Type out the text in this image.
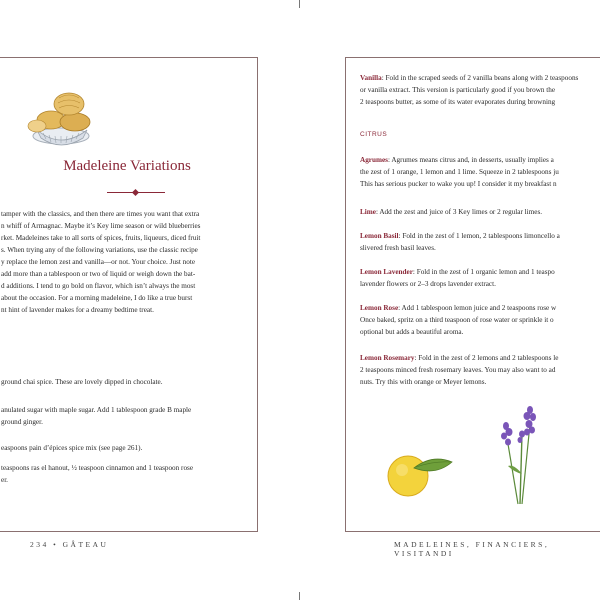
Madeleine Variations
tamper with the classics, and then there are times you want that extra
n whiff of Armagnac. Maybe it’s Key lime season or wild blueberries
rket. Madeleines take to all sorts of spices, fruits, liqueurs, diced fruit
s. When trying any of the following variations, use the classic recipe
y replace the lemon zest and vanilla—or not. Your choice. Just note
add more than a tablespoon or two of liquid or weigh down the bat-
d additions. I tend to go bold on flavor, which isn’t always the most
about the occasion. For a morning madeleine, I do like a true burst
nt hint of lavender makes for a dreamy bedtime treat.
ground chai spice. These are lovely dipped in chocolate.
anulated sugar with maple sugar. Add 1 tablespoon grade B maple
ground ginger.
easpoons pain d’épices spice mix (see page 261).
teaspoons ras el hanout, ½ teaspoon cinnamon and 1 teaspoon rose
er.
234 • GÂTEAU
Vanilla: Fold in the scraped seeds of 2 vanilla beans along with 2 teaspoons
or vanilla extract. This version is particularly good if you brown the
2 teaspoons butter, as some of its water evaporates during browning
CITRUS
Agrumes: Agrumes means citrus and, in desserts, usually implies a
the zest of 1 orange, 1 lemon and 1 lime. Squeeze in 2 tablespoons ju
This has serious pucker to wake you up! I consider it my breakfast n
Lime: Add the zest and juice of 3 Key limes or 2 regular limes.
Lemon Basil: Fold in the zest of 1 lemon, 2 tablespoons limoncello a
slivered fresh basil leaves.
Lemon Lavender: Fold in the zest of 1 organic lemon and 1 teaspo
lavender flowers or 2–3 drops lavender extract.
Lemon Rose: Add 1 tablespoon lemon juice and 2 teaspoons rose w
Once baked, spritz on a third teaspoon of rose water or sprinkle it o
optional but adds a beautiful aroma.
Lemon Rosemary: Fold in the zest of 2 lemons and 2 tablespoons le
2 teaspoons minced fresh rosemary leaves. You may also want to ad
nuts. Try this with orange or Meyer lemons.
MADELEINES, FINANCIERS, VISITANDI
